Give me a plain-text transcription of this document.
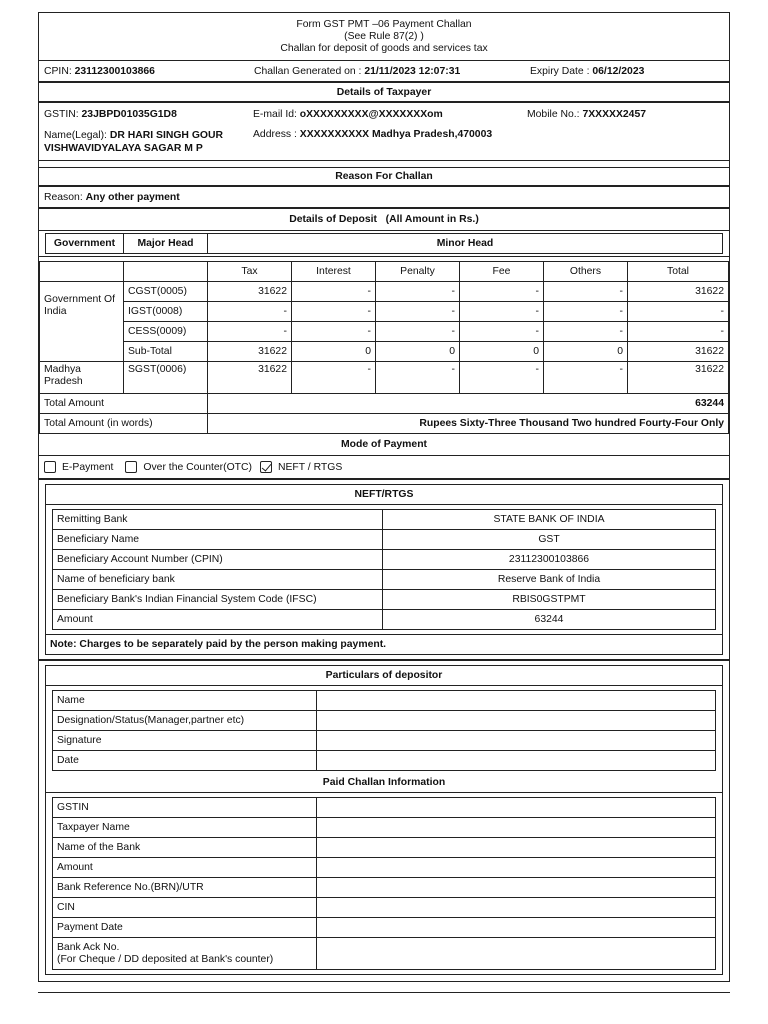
Form GST PMT –06 Payment Challan
(See Rule 87(2) )
Challan for deposit of goods and services tax
CPIN: 23112300103866	Challan Generated on : 21/11/2023 12:07:31	Expiry Date : 06/12/2023
Details of Taxpayer
GSTIN: 23JBPD01035G1D8	E-mail Id: oXXXXXXXXX@XXXXXXXom	Mobile No.: 7XXXXX2457
Name(Legal): DR HARI SINGH GOUR
VISHWAVIDYALAYA SAGAR M P
Address : XXXXXXXXXX Madhya Pradesh,470003
Reason For Challan
Reason:
Any other payment
Details of Deposit
(All Amount in Rs.)
Government	Major Head	Minor Head
		Tax	Interest	Penalty	Fee	Others	Total
Government Of India	CGST(0005)	31622	-	-	-	-	31622
	IGST(0008)	-	-	-	-	-	-
	CESS(0009)	-	-	-	-	-	-
	Sub-Total	31622	0	0	0	0	31622
Madhya Pradesh	SGST(0006)	31622	-	-	-	-	31622
Total Amount		63244					
Total Amount (in words)		Rupees Sixty-Three Thousand Two hundred Fourty-Four Only					
Mode of Payment
E-Payment	Over the Counter(OTC)	NEFT / RTGS
NEFT/RTGS
Remitting Bank	STATE BANK OF INDIA
Beneficiary Name	GST
Beneficiary Account Number (CPIN)	23112300103866
Name of beneficiary bank	Reserve Bank of India
Beneficiary Bank's Indian Financial System Code (IFSC)	RBIS0GSTPMT
Amount	63244
Note: Charges to be separately paid by the person making payment.
Particulars of depositor
Name	
Designation/Status(Manager,partner etc)	
Signature	
Date	
Paid Challan Information
GSTIN	
Taxpayer Name	
Name of the Bank	
Amount	
Bank Reference No.(BRN)/UTR	
CIN	
Payment Date	
Bank Ack No.
(For Cheque / DD deposited at Bank's counter)	
